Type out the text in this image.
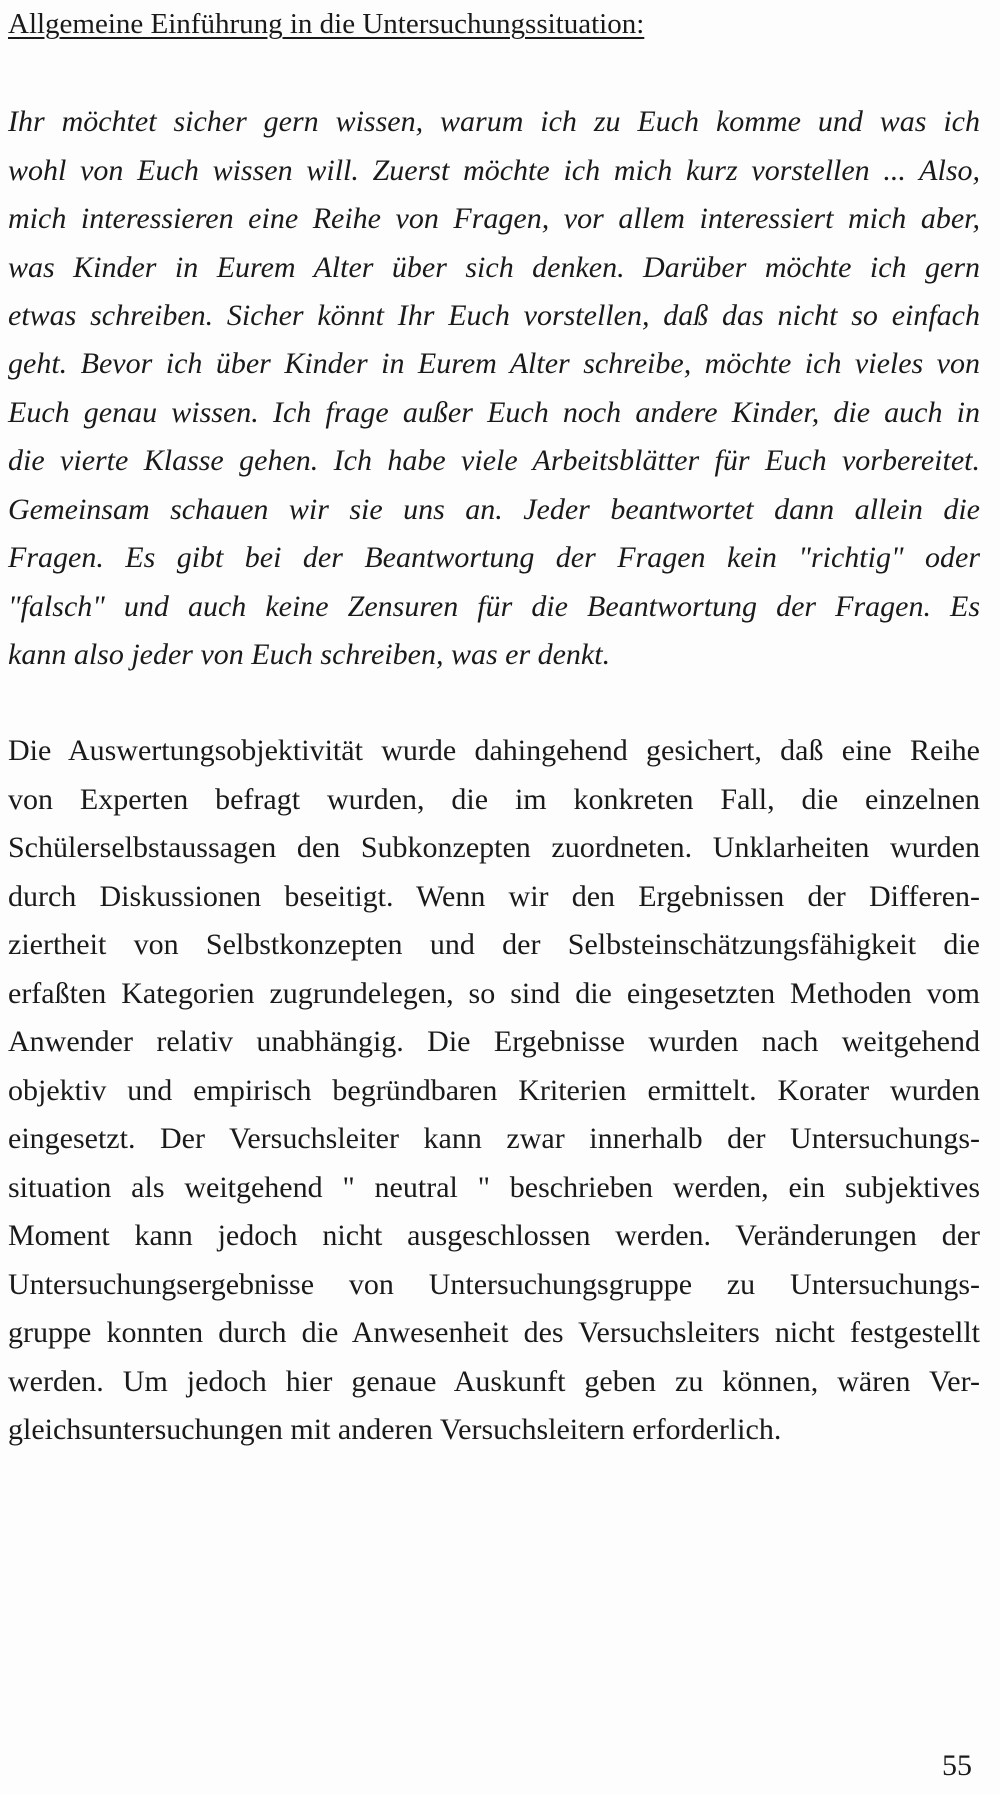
Allgemeine Einführung in die Untersuchungssituation:
Ihr möchtet sicher gern wissen, warum ich zu Euch komme und was ich
wohl von Euch wissen will. Zuerst möchte ich mich kurz vorstellen ... Also,
mich interessieren eine Reihe von Fragen, vor allem interessiert mich aber,
was Kinder in Eurem Alter über sich denken. Darüber möchte ich gern
etwas schreiben. Sicher könnt Ihr Euch vorstellen, daß das nicht so einfach
geht. Bevor ich über Kinder in Eurem Alter schreibe, möchte ich vieles von
Euch genau wissen. Ich frage außer Euch noch andere Kinder, die auch in
die vierte Klasse gehen. Ich habe viele Arbeitsblätter für Euch vorbereitet.
Gemeinsam schauen wir sie uns an. Jeder beantwortet dann allein die
Fragen. Es gibt bei der Beantwortung der Fragen kein "richtig" oder
"falsch" und auch keine Zensuren für die Beantwortung der Fragen. Es
kann also jeder von Euch schreiben, was er denkt.
Die Auswertungsobjektivität wurde dahingehend gesichert, daß eine Reihe
von Experten befragt wurden, die im konkreten Fall, die einzelnen
Schülerselbstaussagen den Subkonzepten zuordneten. Unklarheiten wurden
durch Diskussionen beseitigt. Wenn wir den Ergebnissen der Differen-
ziertheit von Selbstkonzepten und der Selbsteinschätzungsfähigkeit die
erfaßten Kategorien zugrundelegen, so sind die eingesetzten Methoden vom
Anwender relativ unabhängig. Die Ergebnisse wurden nach weitgehend
objektiv und empirisch begründbaren Kriterien ermittelt. Korater wurden
eingesetzt. Der Versuchsleiter kann zwar innerhalb der Untersuchungs-
situation als weitgehend " neutral " beschrieben werden, ein subjektives
Moment kann jedoch nicht ausgeschlossen werden. Veränderungen der
Untersuchungsergebnisse von Untersuchungsgruppe zu Untersuchungs-
gruppe konnten durch die Anwesenheit des Versuchsleiters nicht festgestellt
werden. Um jedoch hier genaue Auskunft geben zu können, wären Ver-
gleichsuntersuchungen mit anderen Versuchsleitern erforderlich.
55
